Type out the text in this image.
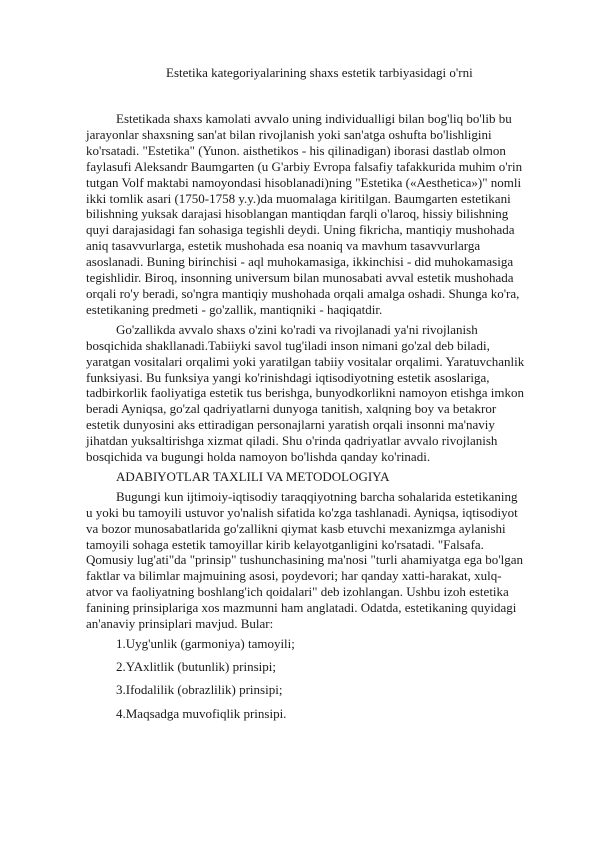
Estetika kategoriyalarining shaxs estetik tarbiyasidagi o'rni

Estetikada shaxs kamolati avvalo uning individualligi bilan bog'liq bo'lib bu jarayonlar shaxsning san'at bilan rivojlanish yoki san'atga oshufta bo'lishligini ko'rsatadi. "Estetika" (Yunon. aisthetikos - his qilinadigan) iborasi dastlab olmon faylasufi Aleksandr Baumgarten (u G'arbiy Evropa falsafiy tafakkurida muhim o'rin tutgan Volf maktabi namoyondasi hisoblanadi)ning "Estetika («Aesthetica»)" nomli ikki tomlik asari (1750-1758 y.y.)da muomalaga kiritilgan. Baumgarten estetikani bilishning yuksak darajasi hisoblangan mantiqdan farqli o'laroq, hissiy bilishning quyi darajasidagi fan sohasiga tegishli deydi. Uning fikricha, mantiqiy mushohada aniq tasavvurlarga, estetik mushohada esa noaniq va mavhum tasavvurlarga asoslanadi. Buning birinchisi - aql muhokamasiga, ikkinchisi - did muhokamasiga tegishlidir. Biroq, insonning universum bilan munosabati avval estetik mushohada orqali ro'y beradi, so'ngra mantiqiy mushohada orqali amalga oshadi. Shunga ko'ra, estetikaning predmeti - go'zallik, mantiqniki - haqiqatdir.

Go'zallikda avvalo shaxs o'zini ko'radi va rivojlanadi ya'ni rivojlanish bosqichida shakllanadi.Tabiiyki savol tug'iladi inson nimani go'zal deb biladi, yaratgan vositalari orqalimi yoki yaratilgan tabiiy vositalar orqalimi. Yaratuvchanlik funksiyasi. Bu funksiya yangi ko'rinishdagi iqtisodiyotning estetik asoslariga, tadbirkorlik faoliyatiga estetik tus berishga, bunyodkorlikni namoyon etishga imkon beradi Ayniqsa, go'zal qadriyatlarni dunyoga tanitish, xalqning boy va betakror estetik dunyosini aks ettiradigan personajlarni yaratish orqali insonni ma'naviy jihatdan yuksaltirishga xizmat qiladi. Shu o'rinda qadriyatlar avvalo rivojlanish bosqichida va bugungi holda namoyon bo'lishda qanday ko'rinadi.

ADABIYOTLAR TAXLILI VA METODOLOGIYA

Bugungi kun ijtimoiy-iqtisodiy taraqqiyotning barcha sohalarida estetikaning u yoki bu tamoyili ustuvor yo'nalish sifatida ko'zga tashlanadi. Ayniqsa, iqtisodiyot va bozor munosabatlarida go'zallikni qiymat kasb etuvchi mexanizmga aylanishi tamoyili sohaga estetik tamoyillar kirib kelayotganligini ko'rsatadi. "Falsafa. Qomusiy lug'ati"da "prinsip" tushunchasining ma'nosi "turli ahamiyatga ega bo'lgan faktlar va bilimlar majmuining asosi, poydevori; har qanday xatti-harakat, xulq-atvor va faoliyatning boshlang'ich qoidalari" deb izohlangan. Ushbu izoh estetika fanining prinsiplariga xos mazmunni ham anglatadi. Odatda, estetikaning quyidagi an'anaviy prinsiplari mavjud. Bular:

1.Uyg'unlik (garmoniya) tamoyili;

2.YAxlitlik (butunlik) prinsipi;

3.Ifodalilik (obrazlilik) prinsipi;

4.Maqsadga muvofiqlik prinsipi.
